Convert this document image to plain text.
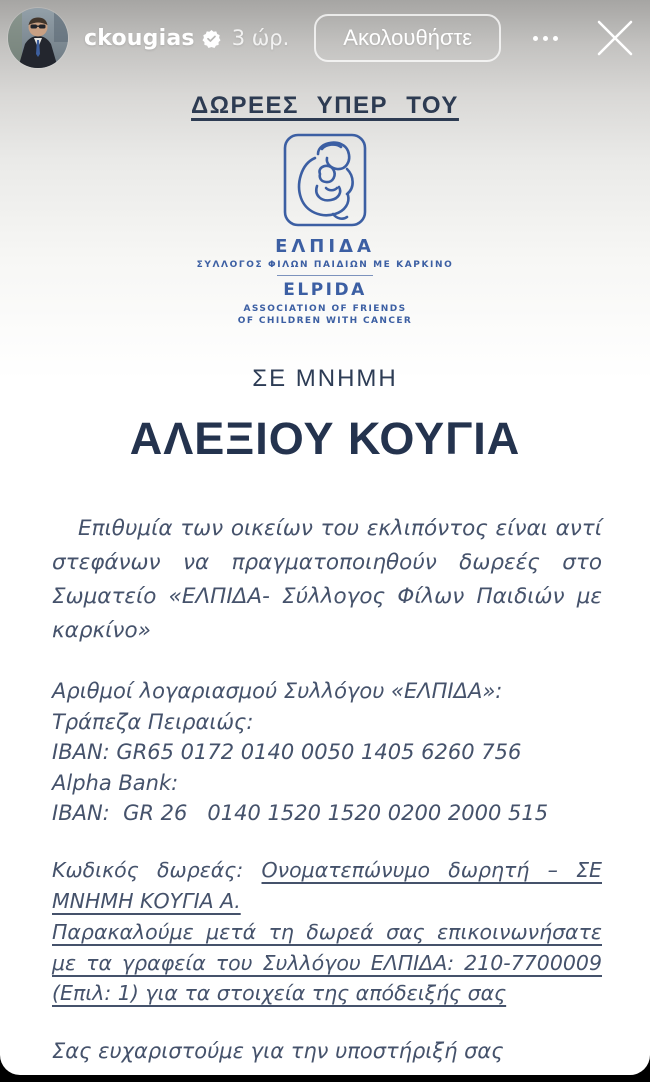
ckougias 3 ώρ.	Ακολουθήστε
ΔΩΡΕΕΣ ΥΠΕΡ ΤΟΥ
ΕΛΠΙΔΑ
ΣΥΛΛΟΓΟΣ ΦΙΛΩΝ ΠΑΙΔΙΩΝ ΜΕ ΚΑΡΚΙΝΟ
ELPIDA
ASSOCIATION OF FRIENDS
OF CHILDREN WITH CANCER
ΣΕ ΜΝΗΜΗ
ΑΛΕΞΙΟΥ ΚΟΥΓΙΑ

Επιθυμία των οικείων του εκλιπόντος είναι αντί στεφάνων να πραγματοποιηθούν δωρεές στο Σωματείο «ΕΛΠΙΔΑ- Σύλλογος Φίλων Παιδιών με καρκίνο»

Αριθμοί λογαριασμού Συλλόγου «ΕΛΠΙΔΑ»:
Τράπεζα Πειραιώς:
IBAN: GR65 0172 0140 0050 1405 6260 756
Alpha Bank:
IBAN:  GR 26   0140 1520 1520 0200 2000 515

Κωδικός δωρεάς: Ονοματεπώνυμο δωρητή – ΣΕ ΜΝΗΜΗ ΚΟΥΓΙΑ Α.
Παρακαλούμε μετά τη δωρεά σας επικοινωνήσατε με τα γραφεία του Συλλόγου ΕΛΠΙΔΑ: 210-7700009 (Επιλ: 1) για τα στοιχεία της απόδειξής σας

Σας ευχαριστούμε για την υποστήριξή σας
